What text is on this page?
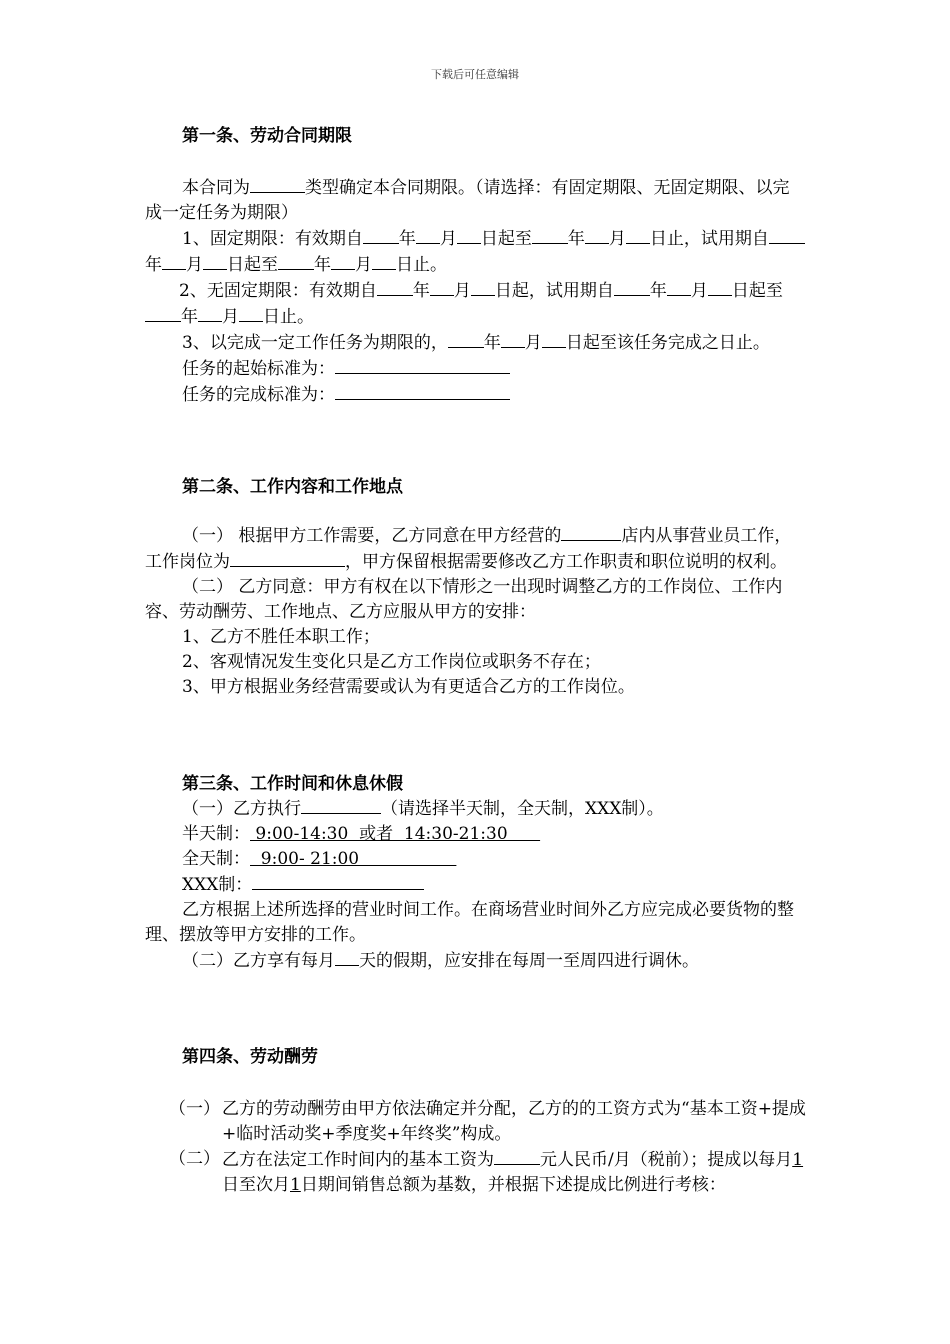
下载后可任意编辑
第一条、劳动合同期限

本合同为	类型确定本合同期限。（请选择：有固定期限、无固定期限、以完成一定任务为期限）

1、固定期限：有效期自 年 月 日起至 年 月 日止，试用期自年 月 日起至 年 月 日止。

2、无固定期限：有效期自 年 月 日起，试用期自 年 月 日起至年 月 日止。

3、以完成一定工作任务为期限的， 年 月 日起至该任务完成之日止。

任务的起始标准为：

任务的完成标准为：

第二条、工作内容和工作地点

（一） 根据甲方工作需要，乙方同意在甲方经营的	店内从事营业员工作，工作岗位为	，甲方保留根据需要修改乙方工作职责和职位说明的权利。

（二） 乙方同意：甲方有权在以下情形之一出现时调整乙方的工作岗位、工作内容、劳动酬劳、工作地点、乙方应服从甲方的安排：

1、乙方不胜任本职工作；

2、客观情况发生变化只是乙方工作岗位或职务不存在；

3、甲方根据业务经营需要或认为有更适合乙方的工作岗位。

第三条、工作时间和休息休假

（一）乙方执行	（请选择半天制，全天制，XXX制）。

半天制： 9:00-14:30  或者  14:30-21:30

全天制：  9:00- 21:00

XXX制：

乙方根据上述所选择的营业时间工作。在商场营业时间外乙方应完成必要货物的整理、摆放等甲方安排的工作。

（二）乙方享有每月 天的假期，应安排在每周一至周四进行调休。

第四条、劳动酬劳
（一） 乙方的劳动酬劳由甲方依法确定并分配，乙方的的工资方式为“基本工资+提成+临时活动奖+季度奖+年终奖”构成。
（二） 乙方在法定工作时间内的基本工资为	元人民币/月（税前）；提成以每月1日至次月1日期间销售总额为基数，并根据下述提成比例进行考核：
